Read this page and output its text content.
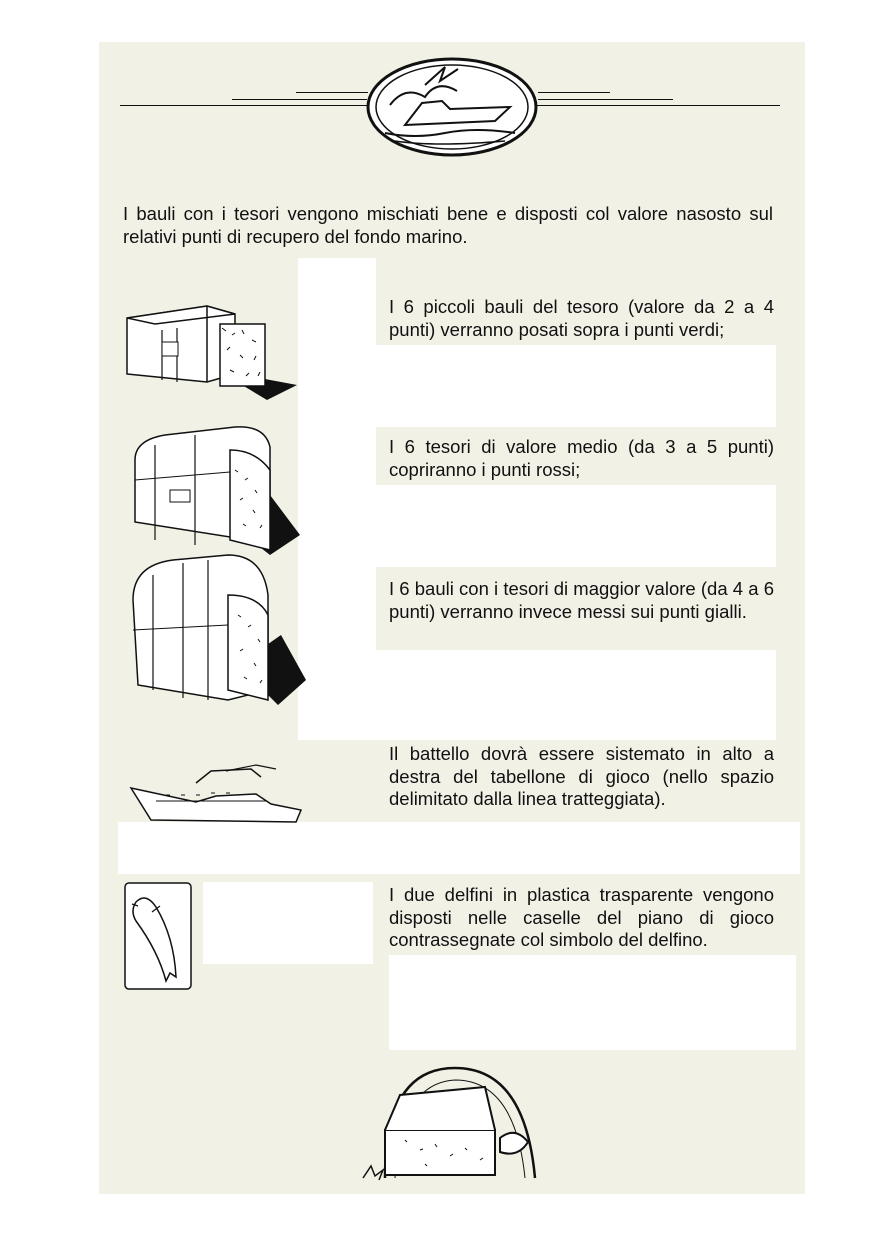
I bauli con i tesori vengono mischiati bene e disposti col valore nasosto sul relativi punti di recupero del fondo marino.
I 6 piccoli bauli del tesoro (valore da 2 a 4 punti) verranno posati sopra i punti verdi;
I 6 tesori di valore medio (da 3 a 5 punti) copriranno i punti rossi;
I 6 bauli con i tesori di maggior valore (da 4 a 6 punti) verranno invece messi sui punti gialli.
Il battello dovrà essere sistemato in alto a destra del tabellone di gioco (nello spazio delimitato dalla linea tratteggiata).
I due delfini in plastica trasparente vengono disposti nelle caselle del piano di gioco contrassegnate col simbolo del delfino.
